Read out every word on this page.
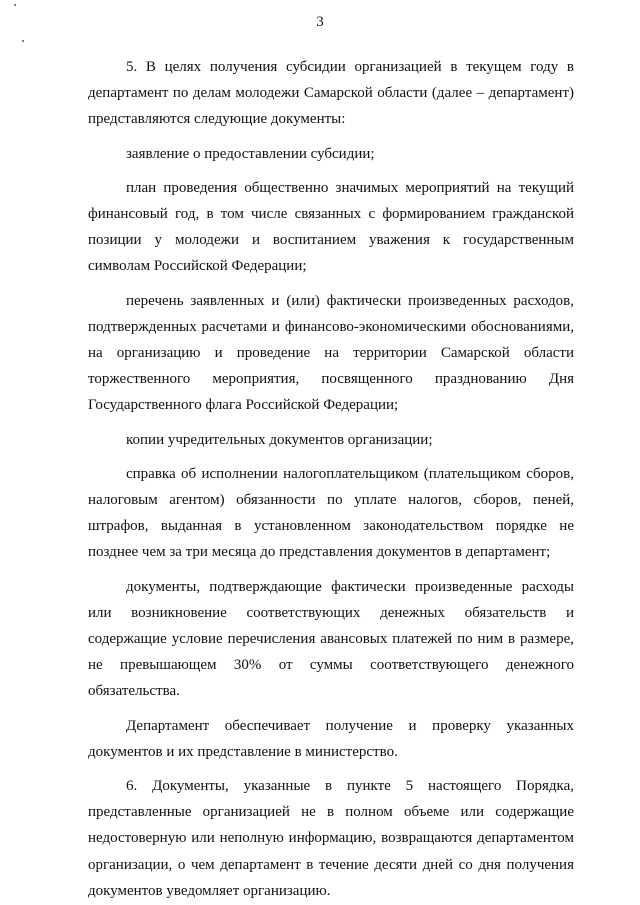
3

5. В целях получения субсидии организацией в текущем году в департамент по делам молодежи Самарской области (далее – департамент) представляются следующие документы:

заявление о предоставлении субсидии;

план проведения общественно значимых мероприятий на текущий финансовый год, в том числе связанных с формированием гражданской позиции у молодежи и воспитанием уважения к государственным символам Российской Федерации;

перечень заявленных и (или) фактически произведенных расходов, подтвержденных расчетами и финансово-экономическими обоснованиями, на организацию и проведение на территории Самарской области торжественного мероприятия, посвященного празднованию Дня Государственного флага Российской Федерации;

копии учредительных документов организации;

справка об исполнении налогоплательщиком (плательщиком сборов, налоговым агентом) обязанности по уплате налогов, сборов, пеней, штрафов, выданная в установленном законодательством порядке не позднее чем за три месяца до представления документов в департамент;

документы, подтверждающие фактически произведенные расходы или возникновение соответствующих денежных обязательств и содержащие условие перечисления авансовых платежей по ним в размере, не превышающем 30% от суммы соответствующего денежного обязательства.

Департамент обеспечивает получение и проверку указанных документов и их представление в министерство.

6. Документы, указанные в пункте 5 настоящего Порядка, представленные организацией не в полном объеме или содержащие недостоверную или неполную информацию, возвращаются департаментом организации, о чем департамент в течение десяти дней со дня получения документов уведомляет организацию.
